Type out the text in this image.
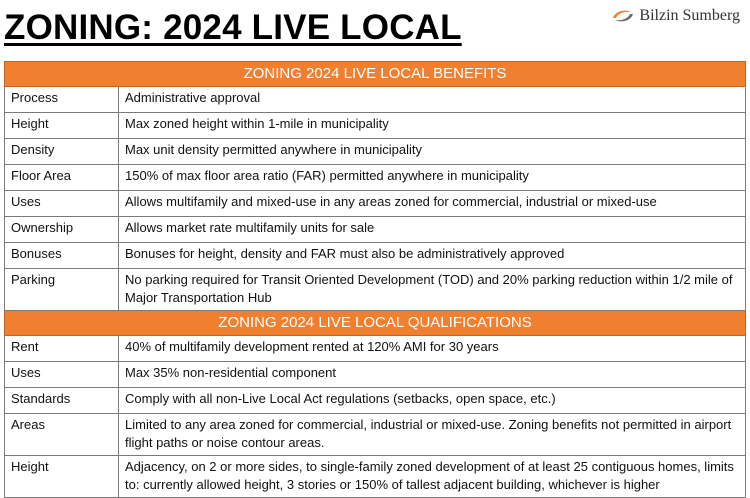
ZONING: 2024 LIVE LOCAL	Bilzin Sumberg
ZONING 2024 LIVE LOCAL BENEFITS	
Process	Administrative approval
Height	Max zoned height within 1-mile in municipality
Density	Max unit density permitted anywhere in municipality
Floor Area	150% of max floor area ratio (FAR) permitted anywhere in municipality
Uses	Allows multifamily and mixed-use in any areas zoned for commercial, industrial or mixed-use
Ownership	Allows market rate multifamily units for sale
Bonuses	Bonuses for height, density and FAR must also be administratively approved
Parking	No parking required for Transit Oriented Development (TOD) and 20% parking reduction within 1/2 mile of Major Transportation Hub
ZONING 2024 LIVE LOCAL QUALIFICATIONS	
Rent	40% of multifamily development rented at 120% AMI for 30 years
Uses	Max 35% non-residential component
Standards	Comply with all non-Live Local Act regulations (setbacks, open space, etc.)
Areas	Limited to any area zoned for commercial, industrial or mixed-use. Zoning benefits not permitted in airport flight paths or noise contour areas.
Height	Adjacency, on 2 or more sides, to single-family zoned development of at least 25 contiguous homes, limits to: currently allowed height, 3 stories or 150% of tallest adjacent building, whichever is higher
